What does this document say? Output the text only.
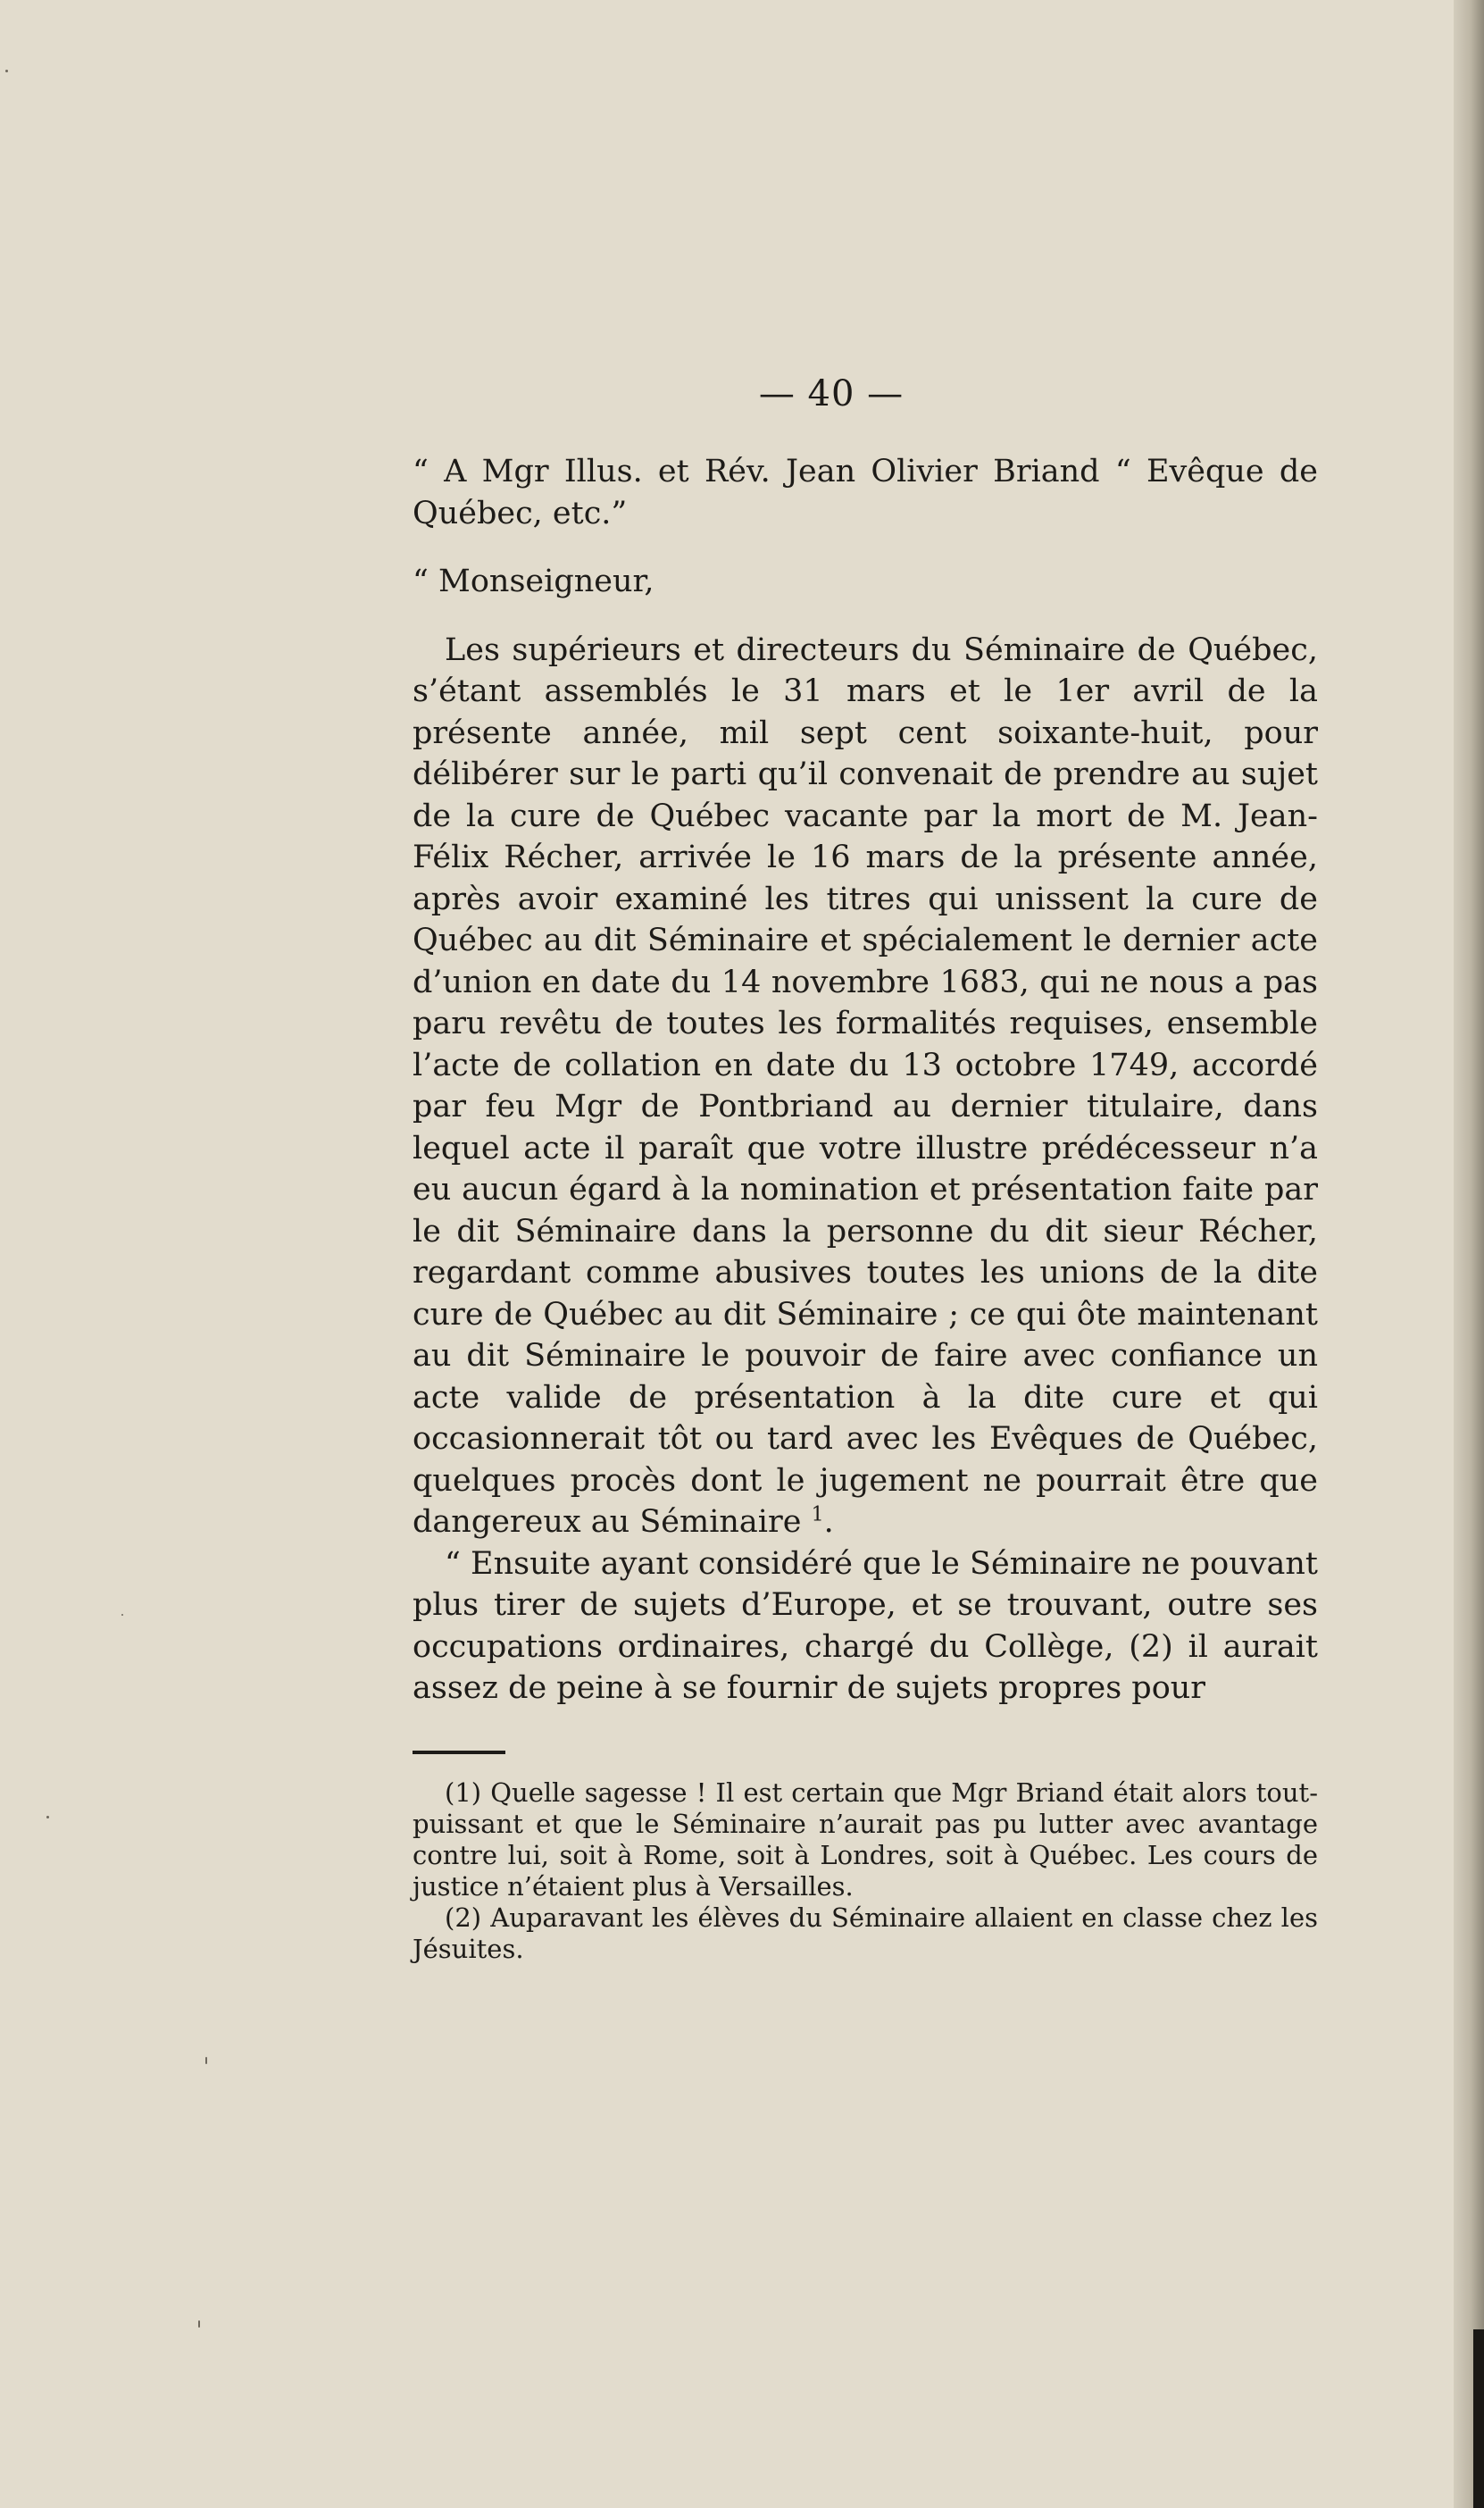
— 40 —

“ A Mgr Illus. et Rév. Jean Olivier Briand “ Evêque de Québec, etc.”

“ Monseigneur,

Les supérieurs et directeurs du Séminaire de Québec, s’étant assemblés le 31 mars et le 1er avril de la présente année, mil sept cent soixante-huit, pour délibérer sur le parti qu’il convenait de prendre au sujet de la cure de Québec vacante par la mort de M. Jean-Félix Récher, arrivée le 16 mars de la présente année, après avoir examiné les titres qui unissent la cure de Québec au dit Séminaire et spécialement le dernier acte d’union en date du 14 novembre 1683, qui ne nous a pas paru revêtu de toutes les formalités requises, ensemble l’acte de collation en date du 13 octobre 1749, accordé par feu Mgr de Pontbriand au dernier titulaire, dans lequel acte il paraît que votre illustre prédécesseur n’a eu aucun égard à la nomination et présentation faite par le dit Séminaire dans la personne du dit sieur Récher, regardant comme abusives toutes les unions de la dite cure de Québec au dit Séminaire ; ce qui ôte maintenant au dit Séminaire le pouvoir de faire avec confiance un acte valide de présentation à la dite cure et qui occasionnerait tôt ou tard avec les Evêques de Québec, quelques procès dont le jugement ne pourrait être que dangereux au Séminaire $^1$.

“ Ensuite ayant considéré que le Séminaire ne pouvant plus tirer de sujets d’Europe, et se trouvant, outre ses occupations ordinaires, chargé du Collège, (2) il aurait assez de peine à se fournir de sujets propres pour

(1) Quelle sagesse ! Il est certain que Mgr Briand était alors tout-puissant et que le Séminaire n’aurait pas pu lutter avec avantage contre lui, soit à Rome, soit à Londres, soit à Québec. Les cours de justice n’étaient plus à Versailles.

(2) Auparavant les élèves du Séminaire allaient en classe chez les Jésuites.
